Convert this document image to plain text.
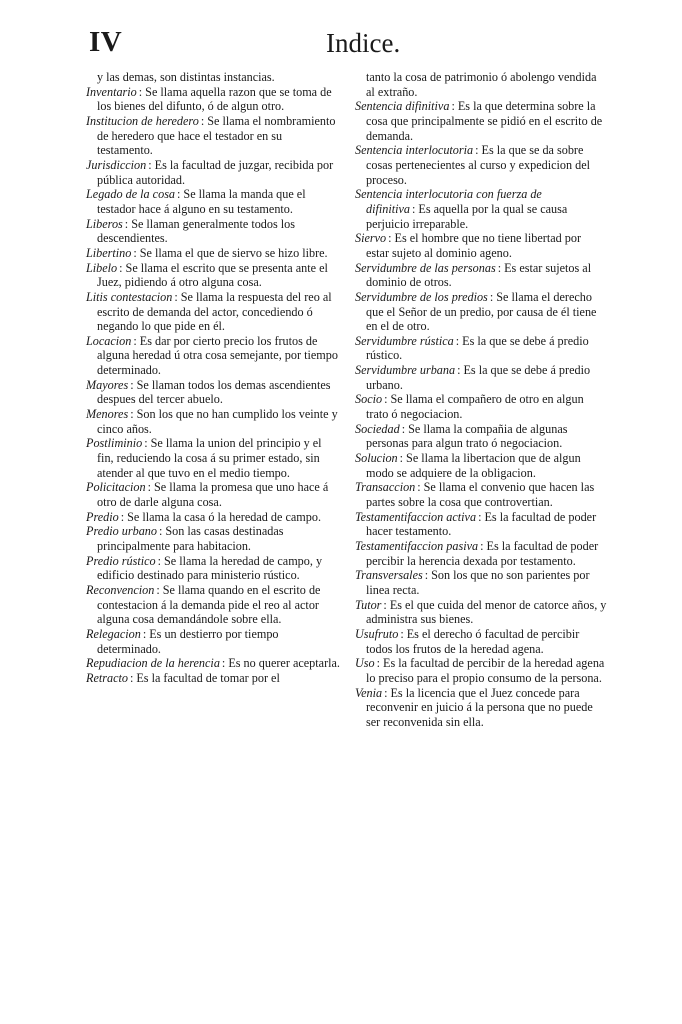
IV	Indice.

y las demas, son distintas instancias.

Inventario : Se llama aquella razon que se toma de los bienes del difunto, ó de algun otro.

Institucion de heredero : Se llama el nombramiento de heredero que hace el testador en su testamento.

Jurisdiccion : Es la facultad de juzgar, recibida por pública autoridad.

Legado de la cosa : Se llama la manda que el testador hace á alguno en su testamento.

Liberos : Se llaman generalmente todos los descendientes.

Libertino : Se llama el que de siervo se hizo libre.

Libelo : Se llama el escrito que se presenta ante el Juez, pidiendo á otro alguna cosa.

Litis contestacion : Se llama la respuesta del reo al escrito de demanda del actor, concediendo ó negando lo que pide en él.

Locacion : Es dar por cierto precio los frutos de alguna heredad ú otra cosa semejante, por tiempo determinado.

Mayores : Se llaman todos los demas ascendientes despues del tercer abuelo.

Menores : Son los que no han cumplido los veinte y cinco años.

Postliminio : Se llama la union del principio y el fin, reduciendo la cosa á su primer estado, sin atender al que tuvo en el medio tiempo.

Policitacion : Se llama la promesa que uno hace á otro de darle alguna cosa.

Predio : Se llama la casa ó la heredad de campo.

Predio urbano : Son las casas destinadas principalmente para habitacion.

Predio rústico : Se llama la heredad de campo, y edificio destinado para ministerio rústico.

Reconvencion : Se llama quando en el escrito de contestacion á la demanda pide el reo al actor alguna cosa demandándole sobre ella.

Relegacion : Es un destierro por tiempo determinado.

Repudiacion de la herencia : Es no querer aceptarla.

Retracto : Es la facultad de tomar por el

tanto la cosa de patrimonio ó abolengo vendida al extraño.

Sentencia difinitiva : Es la que determina sobre la cosa que principalmente se pidió en el escrito de demanda.

Sentencia interlocutoria : Es la que se da sobre cosas pertenecientes al curso y expedicion del proceso.

Sentencia interlocutoria con fuerza de difinitiva : Es aquella por la qual se causa perjuicio irreparable.

Siervo : Es el hombre que no tiene libertad por estar sujeto al dominio ageno.

Servidumbre de las personas : Es estar sujetos al dominio de otros.

Servidumbre de los predios : Se llama el derecho que el Señor de un predio, por causa de él tiene en el de otro.

Servidumbre rústica : Es la que se debe á predio rústico.

Servidumbre urbana : Es la que se debe á predio urbano.

Socio : Se llama el compañero de otro en algun trato ó negociacion.

Sociedad : Se llama la compañia de algunas personas para algun trato ó negociacion.

Solucion : Se llama la libertacion que de algun modo se adquiere de la obligacion.

Transaccion : Se llama el convenio que hacen las partes sobre la cosa que controvertian.

Testamentifaccion activa : Es la facultad de poder hacer testamento.

Testamentifaccion pasiva : Es la facultad de poder percibir la herencia dexada por testamento.

Transversales : Son los que no son parientes por linea recta.

Tutor : Es el que cuida del menor de catorce años, y administra sus bienes.

Usufruto : Es el derecho ó facultad de percibir todos los frutos de la heredad agena.

Uso : Es la facultad de percibir de la heredad agena lo preciso para el propio consumo de la persona.

Venia : Es la licencia que el Juez concede para reconvenir en juicio á la persona que no puede ser reconvenida sin ella.
